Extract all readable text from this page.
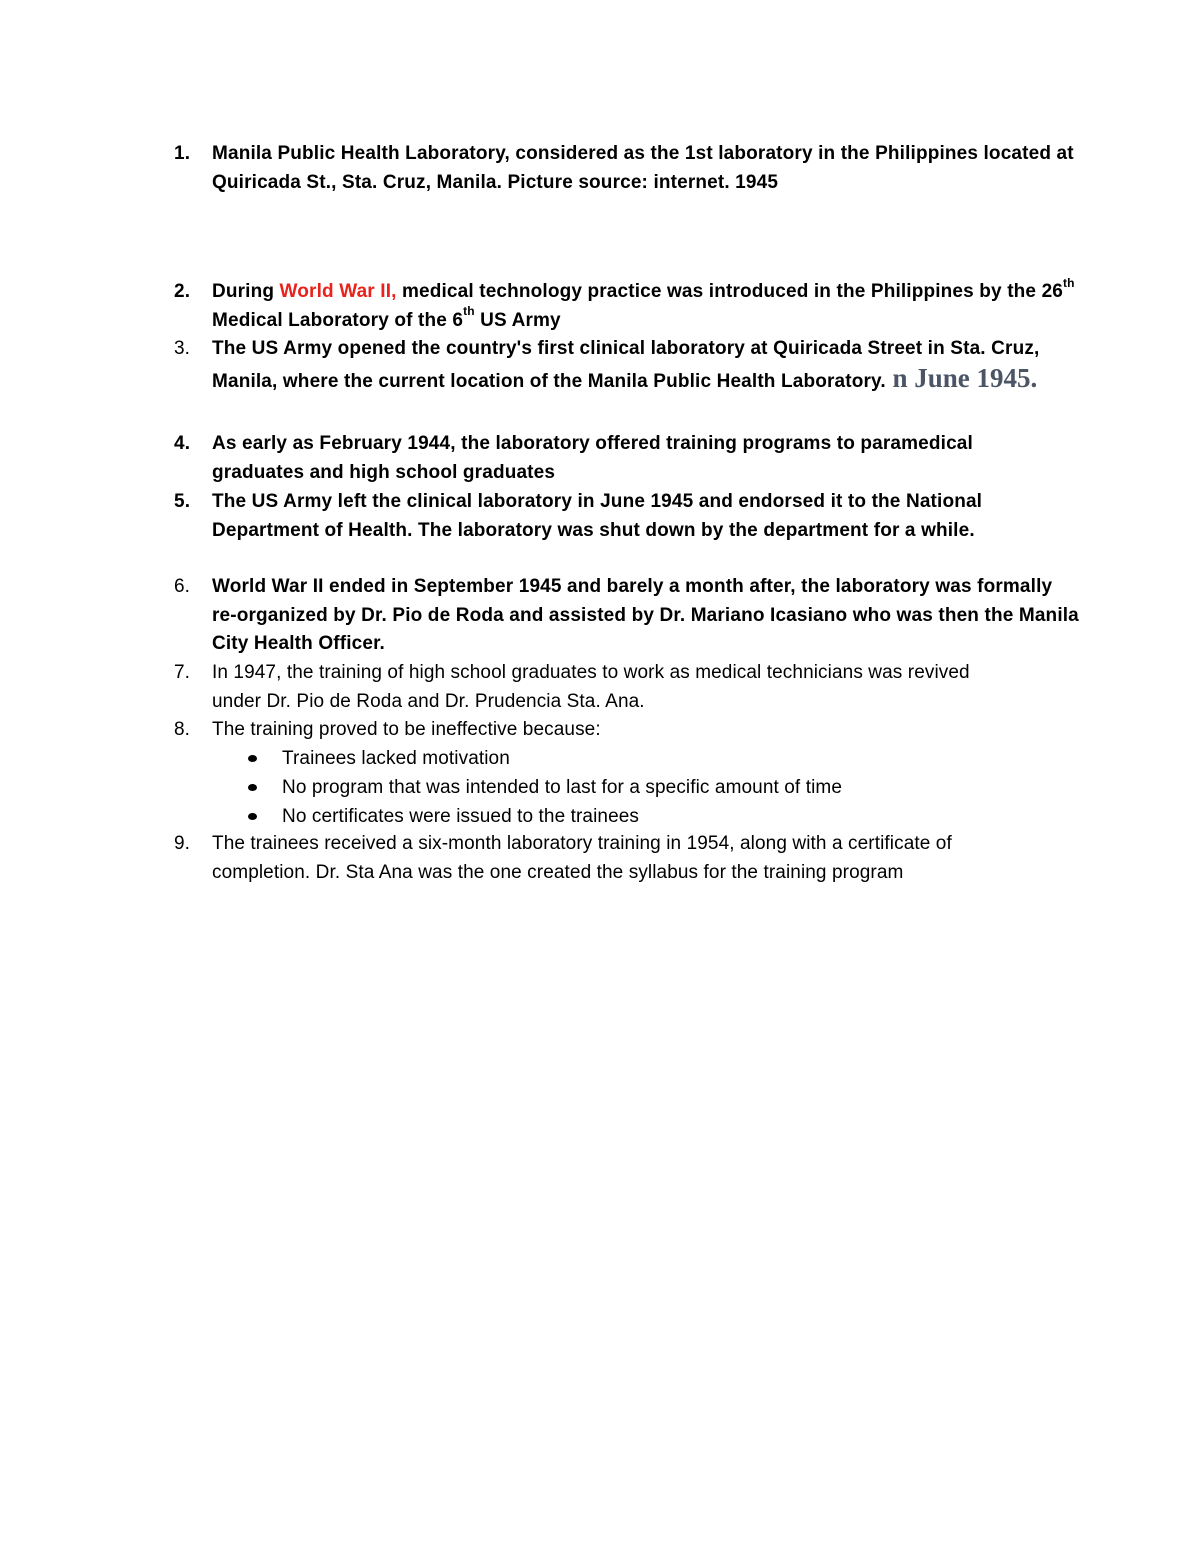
1.	Manila Public Health Laboratory, considered as the 1st laboratory in the Philippines located at Quiricada St., Sta. Cruz, Manila. Picture source: internet. 1945
2.	During World War II, medical technology practice was introduced in the Philippines by the 26th Medical Laboratory of the 6th US Army
3.	The US Army opened the country's first clinical laboratory at Quiricada Street in Sta. Cruz, Manila, where the current location of the Manila Public Health Laboratory. n June 1945.
4.	As early as February 1944, the laboratory offered training programs to paramedical graduates and high school graduates
5.	The US Army left the clinical laboratory in June 1945 and endorsed it to the National Department of Health. The laboratory was shut down by the department for a while.
6.	World War II ended in September 1945 and barely a month after, the laboratory was formally re-organized by Dr. Pio de Roda and assisted by Dr. Mariano Icasiano who was then the Manila City Health Officer.
7.	In 1947, the training of high school graduates to work as medical technicians was revived under Dr. Pio de Roda and Dr. Prudencia Sta. Ana.
8.	The training proved to be ineffective because:
Trainees lacked motivation
No program that was intended to last for a specific amount of time
No certificates were issued to the trainees
9.	The trainees received a six-month laboratory training in 1954, along with a certificate of completion. Dr. Sta Ana was the one created the syllabus for the training program
